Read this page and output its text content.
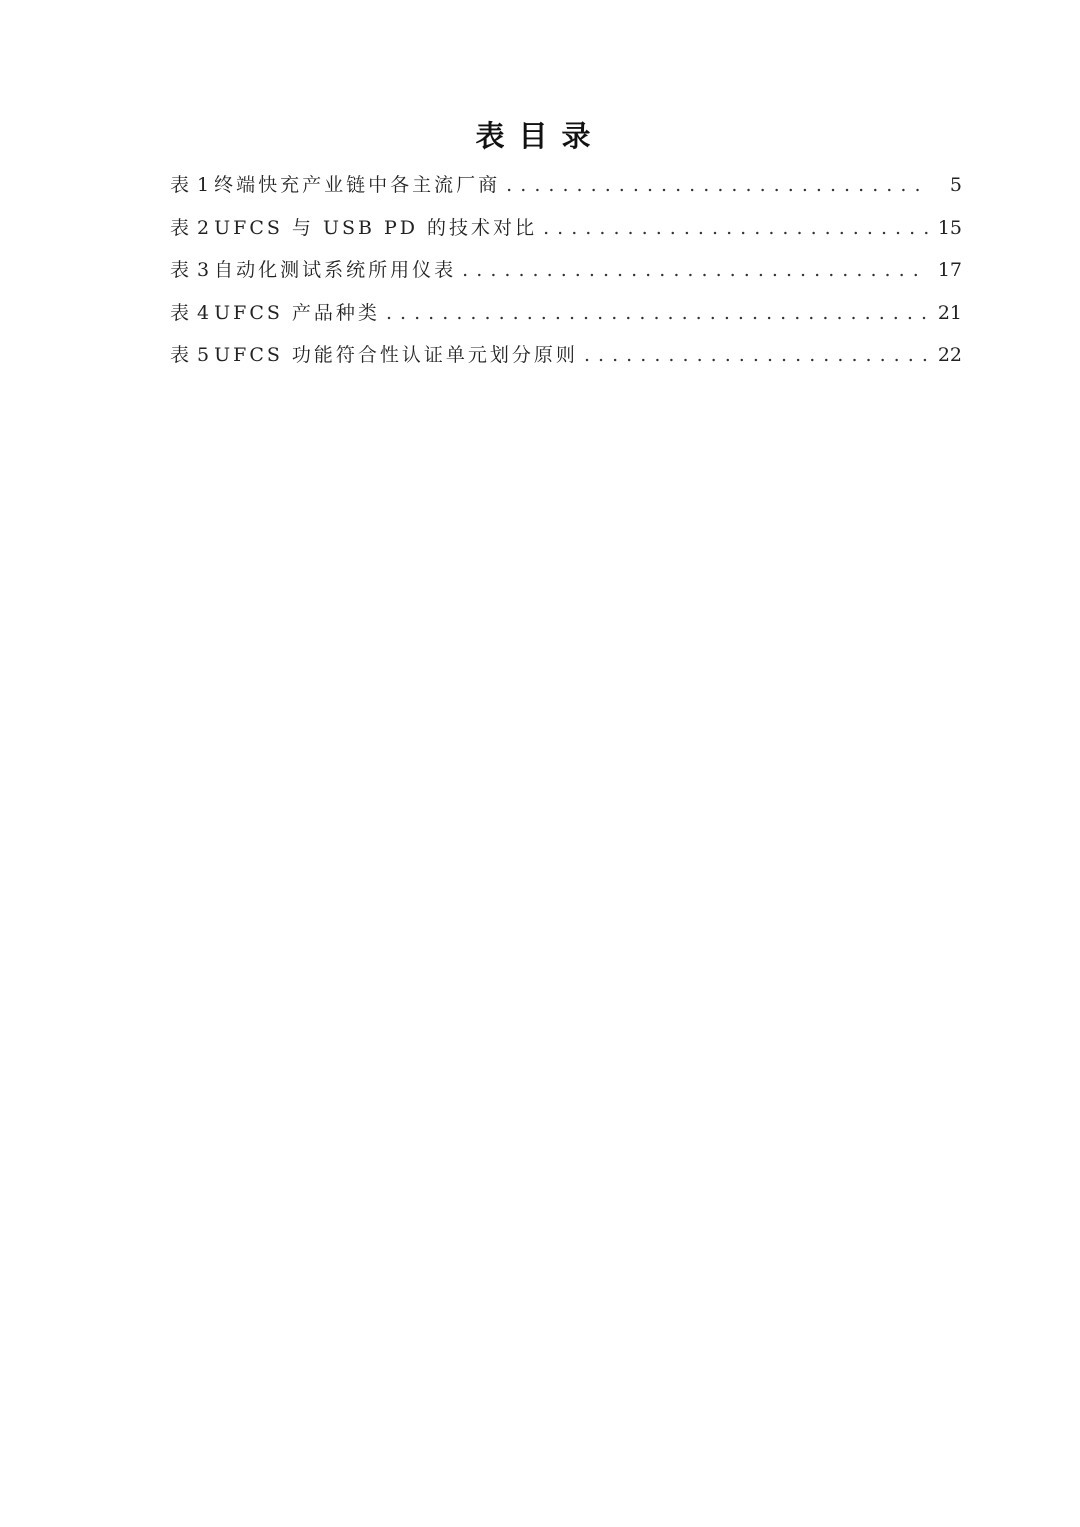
表目录
表 1 终端快充产业链中各主流厂商 . . .	5
表 2 UFCS 与 USB PD 的技术对比 . . .	15
表 3 自动化测试系统所用仪表 . . .	17
表 4 UFCS 产品种类 . . .	21
表 5 UFCS 功能符合性认证单元划分原则 . . .	22
